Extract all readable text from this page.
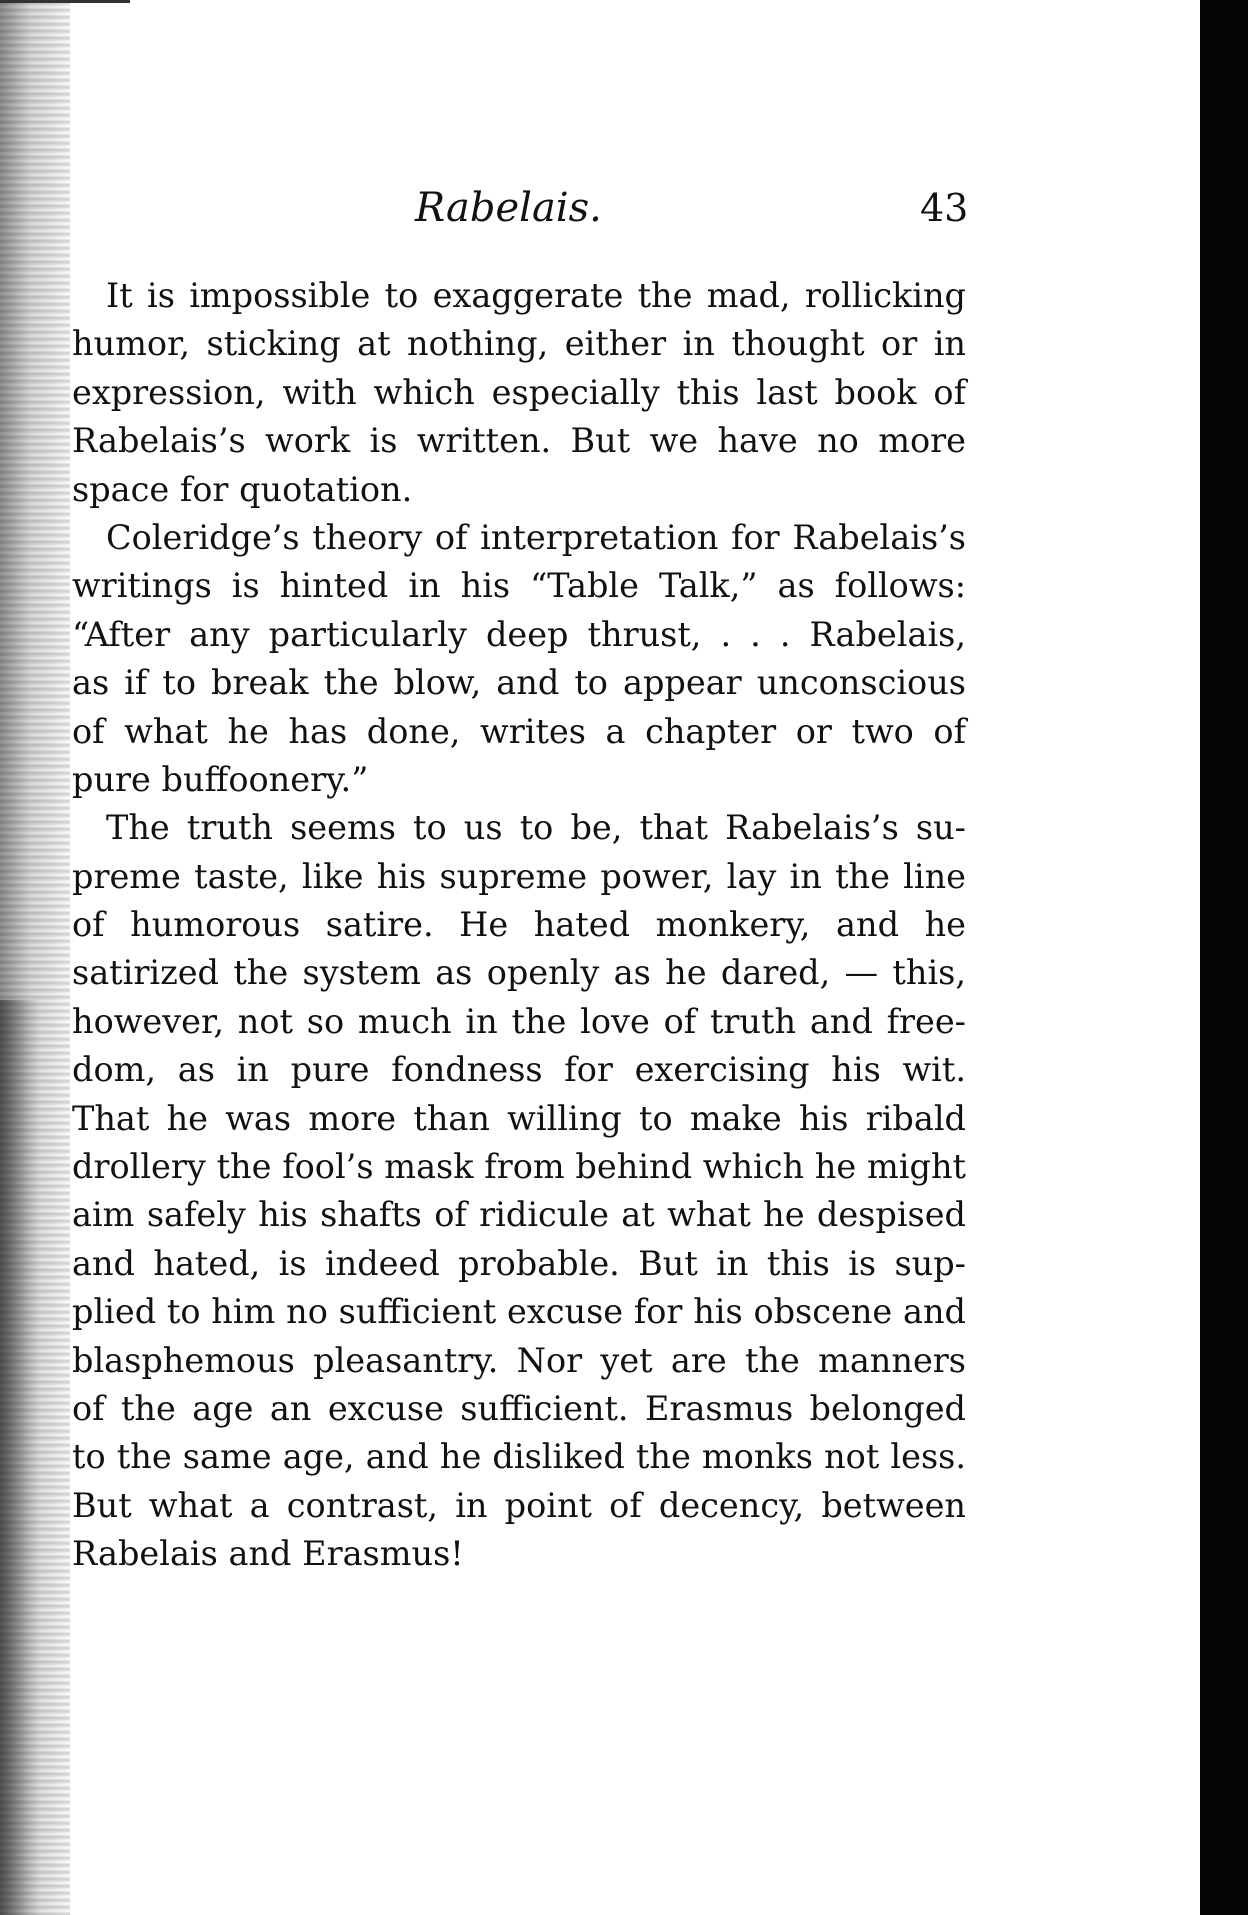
Rabelais.	43
It is impossible to exaggerate the mad, rollicking
humor, sticking at nothing, either in thought or in
expression, with which especially this last book of
Rabelais’s work is written. But we have no more
space for quotation.
Coleridge’s theory of interpretation for Rabelais’s
writings is hinted in his “Table Talk,” as follows:
“After any particularly deep thrust, . . . Rabelais,
as if to break the blow, and to appear unconscious
of what he has done, writes a chapter or two of
pure buffoonery.”
The truth seems to us to be, that Rabelais’s su-
preme taste, like his supreme power, lay in the line
of humorous satire. He hated monkery, and he
satirized the system as openly as he dared, — this,
however, not so much in the love of truth and free-
dom, as in pure fondness for exercising his wit.
That he was more than willing to make his ribald
drollery the fool’s mask from behind which he might
aim safely his shafts of ridicule at what he despised
and hated, is indeed probable. But in this is sup-
plied to him no sufficient excuse for his obscene and
blasphemous pleasantry. Nor yet are the manners
of the age an excuse sufficient. Erasmus belonged
to the same age, and he disliked the monks not less.
But what a contrast, in point of decency, between
Rabelais and Erasmus!
